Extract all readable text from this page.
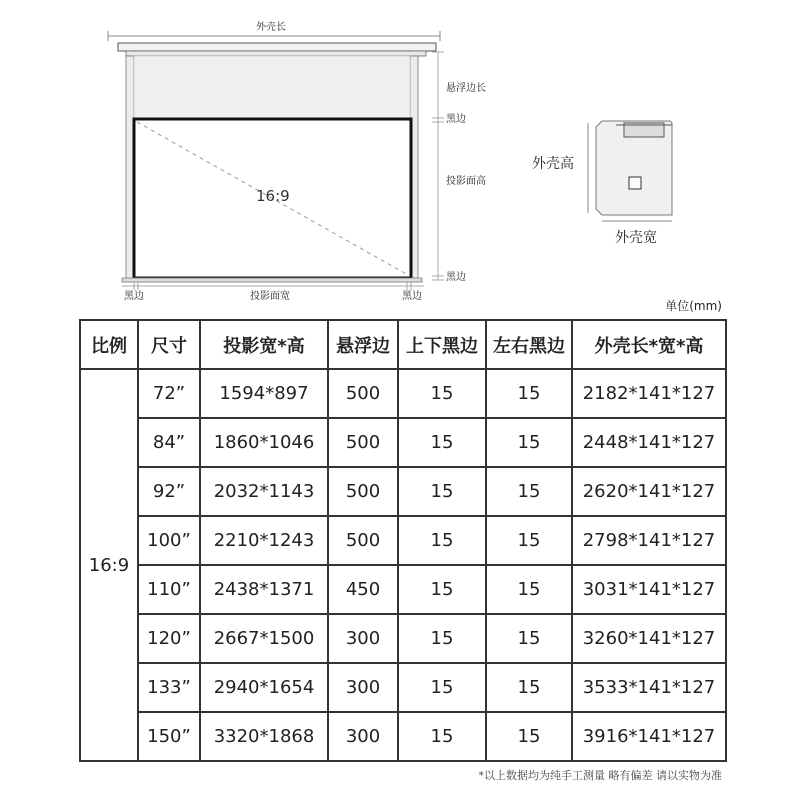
外壳长
悬浮边长
黑边
投影面高
黑边
黑边	投影面宽	黑边
16:9
外壳高
外壳宽
单位(mm)
比例	尺寸	投影宽*高	悬浮边	上下黑边	左右黑边	外壳长*宽*高
16:9	72”	1594*897	500	15	15	2182*141*127
	84”	1860*1046	500	15	15	2448*141*127
	92”	2032*1143	500	15	15	2620*141*127
	100”	2210*1243	500	15	15	2798*141*127
	110”	2438*1371	450	15	15	3031*141*127
	120”	2667*1500	300	15	15	3260*141*127
	133”	2940*1654	300	15	15	3533*141*127
	150”	3320*1868	300	15	15	3916*141*127
*以上数据均为纯手工测量 略有偏差 请以实物为准
